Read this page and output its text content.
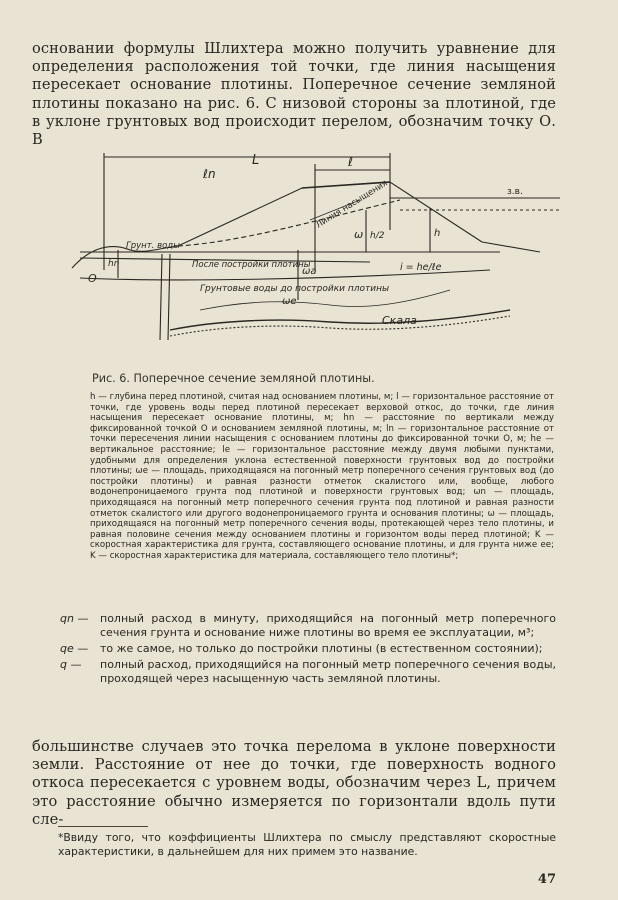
основании формулы Шлихтера можно получить уравнение для определения расположения той точки, где линия насыщения пересекает основание плотины. Поперечное сечение земляной плотины показано на рис. 6. С низовой стороны за плотиной, где в уклоне грунтовых вод происходит перелом, обозначим точку О. В
L
ℓn
ℓ
з.в.
Линия насыщения
ω h/2	h
hn
O
Грунт. воды
После постройки плотины
Грунтовые воды до постройки плотины
ωa
ωe
i = he/ℓe
Скала
Рис. 6. Поперечное сечение земляной плотины.
h — глубина перед плотиной, считая над основанием плотины, м; l — горизонтальное расстояние от точки, где уровень воды перед плотиной пересекает верховой откос, до точки, где линия насыщения пересекает основание плотины, м; hn — расстояние по вертикали между фиксированной точкой О и основанием земляной плотины, м; ln — горизонтальное расстояние от точки пересечения линии насыщения с основанием плотины до фиксированной точки О, м; he — вертикальное расстояние; le — горизонтальное расстояние между двумя любыми пунктами, удобными для определения уклона естественной поверхности грунтовых вод до постройки плотины; ωe — площадь, приходящаяся на погонный метр поперечного сечения грунтовых вод (до постройки плотины) и равная разности отметок скалистого или, вообще, любого водонепроницаемого грунта под плотиной и поверхности грунтовых вод; ωn — площадь, приходящаяся на погонный метр поперечного сечения грунта под плотиной и равная разности отметок скалистого или другого водонепроницаемого грунта и основания плотины; ω — площадь, приходящаяся на погонный метр поперечного сечения воды, протекающей через тело плотины, и равная половине сечения между основанием плотины и горизонтом воды перед плотиной; K — скоростная характеристика для грунта, составляющего основание плотины, и для грунта ниже ее; K — скоростная характеристика для материала, составляющего тело плотины*;
qn —	полный расход в минуту, приходящийся на погонный метр поперечного сечения грунта и основание ниже плотины во время ее эксплуатации, м³;
qe —	то же самое, но только до постройки плотины (в естественном состоянии);
q —	полный расход, приходящийся на погонный метр поперечного сечения воды, проходящей через насыщенную часть земляной плотины.
большинстве случаев это точка перелома в уклоне поверхности земли. Расстояние от нее до точки, где поверхность водного откоса пересекается с уровнем воды, обозначим через L, причем это расстояние обычно измеряется по горизонтали вдоль пути сле-
*Ввиду того, что коэффициенты Шлихтера по смыслу представляют скоростные характеристики, в дальнейшем для них примем это название.
47
